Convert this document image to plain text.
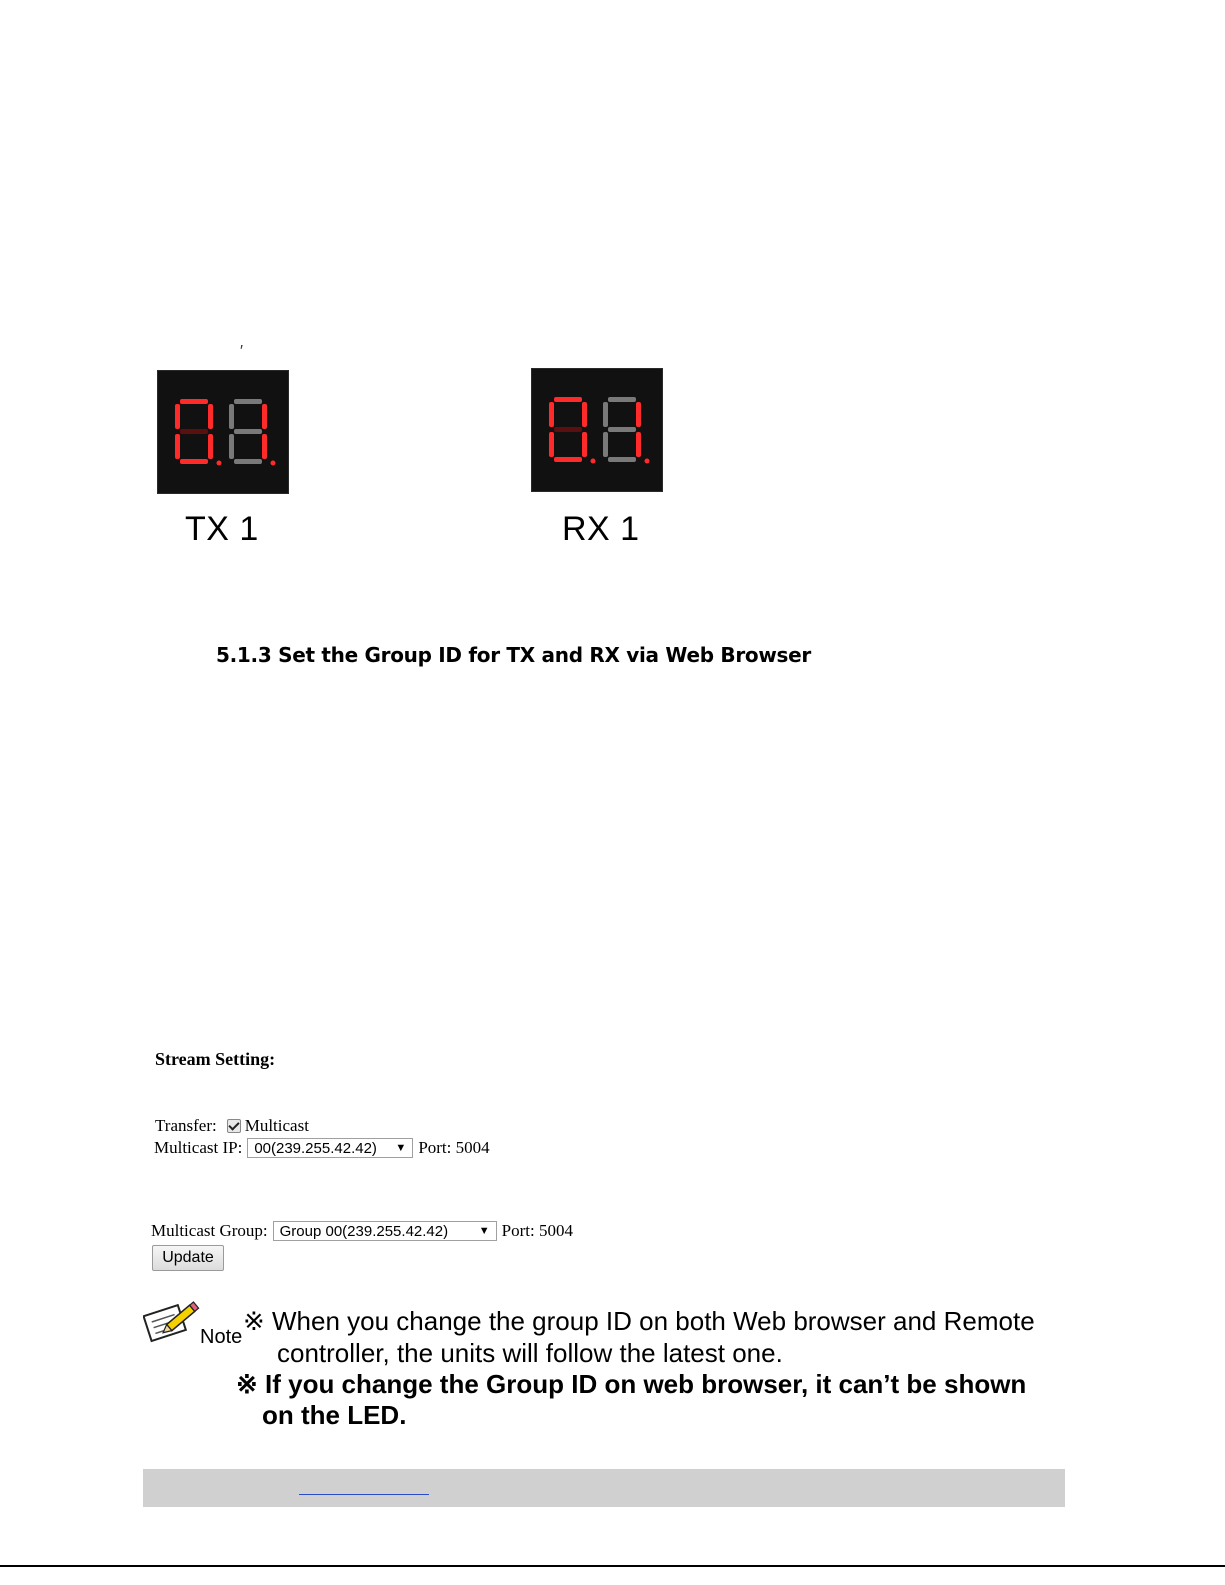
′
TX 1	RX 1
5.1.3 Set the Group ID for TX and RX via Web Browser
Stream Setting:
Transfer: Multicast
Multicast IP: 00(239.255.42.42) ▼ Port: 5004
Multicast Group: Group 00(239.255.42.42)	▼ Port: 5004
Update
Note
※ When you change the group ID on both Web browser and Remote
controller, the units will follow the latest one.
※ If you change the Group ID on web browser, it can’t be shown
on the LED.
